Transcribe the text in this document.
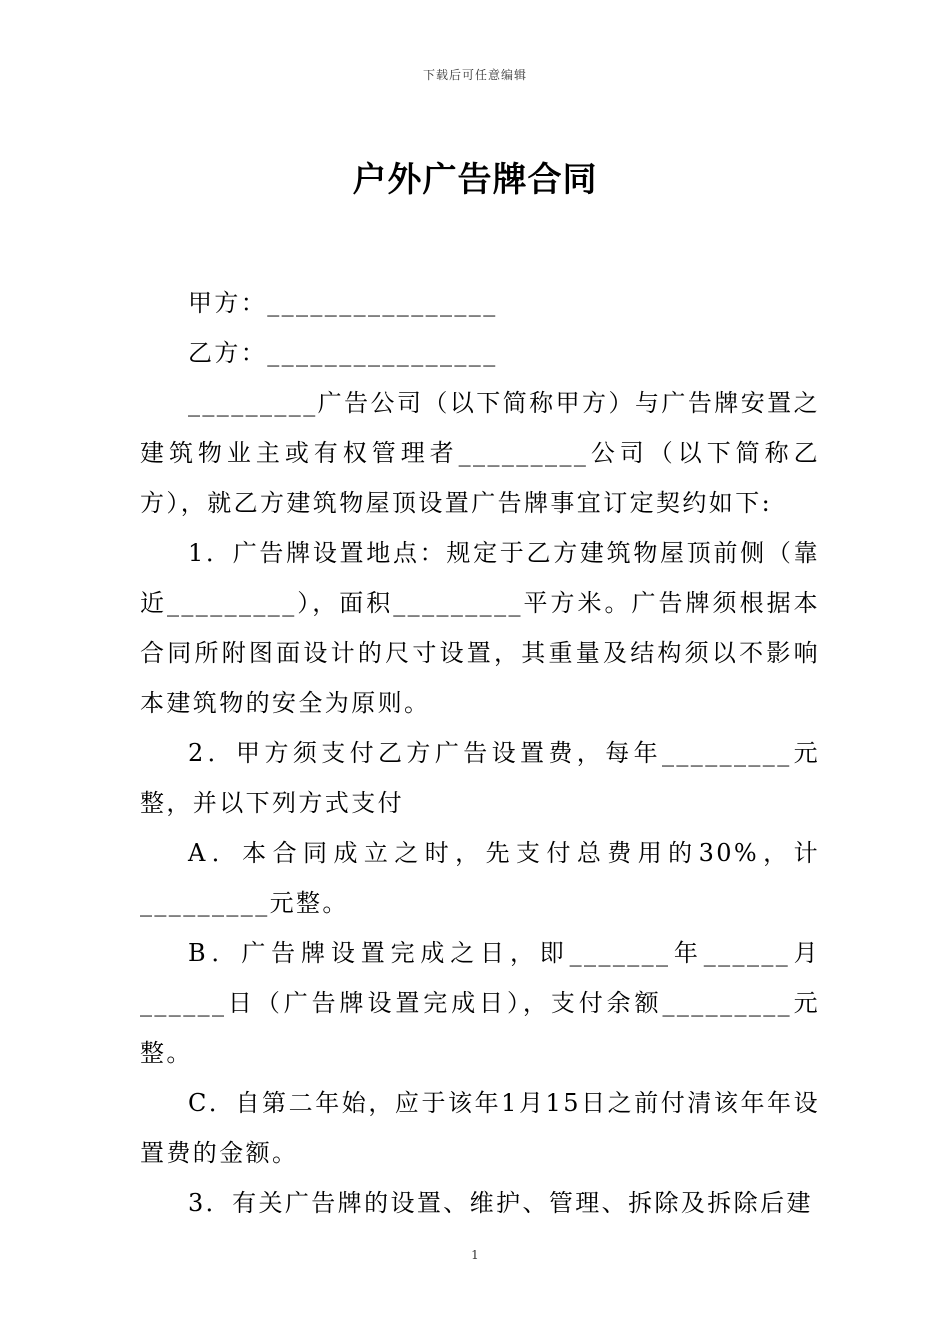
下载后可任意编辑
户外广告牌合同

甲方：________________

乙方：________________

_________广告公司（以下简称甲方）与广告牌安置之建筑物业主或有权管理者_________公司（以下简称乙方），就乙方建筑物屋顶设置广告牌事宜订定契约如下:

1．广告牌设置地点：规定于乙方建筑物屋顶前侧（靠近_________），面积_________平方米。广告牌须根据本合同所附图面设计的尺寸设置，其重量及结构须以不影响本建筑物的安全为原则。

2．甲方须支付乙方广告设置费，每年_________元整，并以下列方式支付

A．本合同成立之时，先支付总费用的30%，计_________元整。

B．广告牌设置完成之日，即_______年______月______日（广告牌设置完成日），支付余额_________元整。

C．自第二年始，应于该年1月15日之前付清该年年设置费的金额。

3．有关广告牌的设置、维护、管理、拆除及拆除后建

1
